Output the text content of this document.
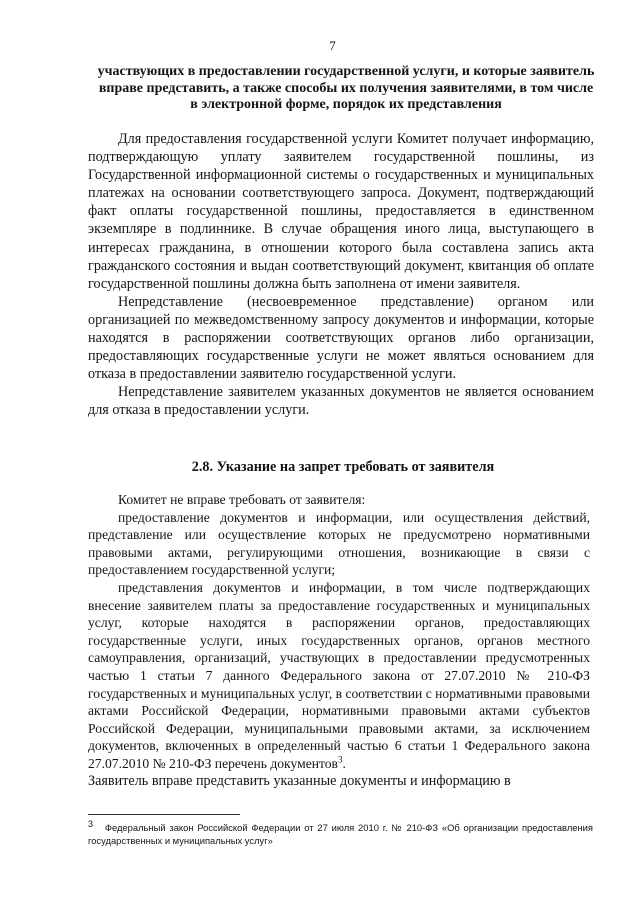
7
участвующих в предоставлении государственной услуги, и которые заявитель вправе представить, а также способы их получения заявителями, в том числе в электронной форме, порядок их представления

Для предоставления государственной услуги Комитет получает информацию, подтверждающую уплату заявителем государственной пошлины, из Государственной информационной системы о государственных и муниципальных платежах на основании соответствующего запроса. Документ, подтверждающий факт оплаты государственной пошлины, предоставляется в единственном экземпляре в подлиннике. В случае обращения иного лица, выступающего в интересах гражданина, в отношении которого была составлена запись акта гражданского состояния и выдан соответствующий документ, квитанция об оплате государственной пошлины должна быть заполнена от имени заявителя.

Непредставление (несвоевременное представление) органом или организацией по межведомственному запросу документов и информации, которые находятся в распоряжении соответствующих органов либо организации, предоставляющих государственные услуги не может являться основанием для отказа в предоставлении заявителю государственной услуги.

Непредставление заявителем указанных документов не является основанием для отказа в предоставлении услуги.

2.8. Указание на запрет требовать от заявителя

Комитет не вправе требовать от заявителя:

предоставление документов и информации, или осуществления действий, представление или осуществление которых не предусмотрено нормативными правовыми актами, регулирующими отношения, возникающие в связи с предоставлением государственной услуги;

представления документов и информации, в том числе подтверждающих внесение заявителем платы за предоставление государственных и муниципальных услуг, которые находятся в распоряжении органов, предоставляющих государственные услуги, иных государственных органов, органов местного самоуправления, организаций, участвующих в предоставлении предусмотренных частью 1 статьи 7 данного Федерального закона от 27.07.2010 № 210-ФЗ государственных и муниципальных услуг, в соответствии с нормативными правовыми актами Российской Федерации, нормативными правовыми актами субъектов Российской Федерации, муниципальными правовыми актами, за исключением документов, включенных в определенный частью 6 статьи 1 Федерального закона 27.07.2010 № 210-ФЗ перечень документов$^3$.

Заявитель вправе представить указанные документы и информацию в

$^3$ Федеральный закон Российской Федерации от 27 июля 2010 г. № 210-ФЗ «Об организации предоставления государственных и муниципальных услуг»
